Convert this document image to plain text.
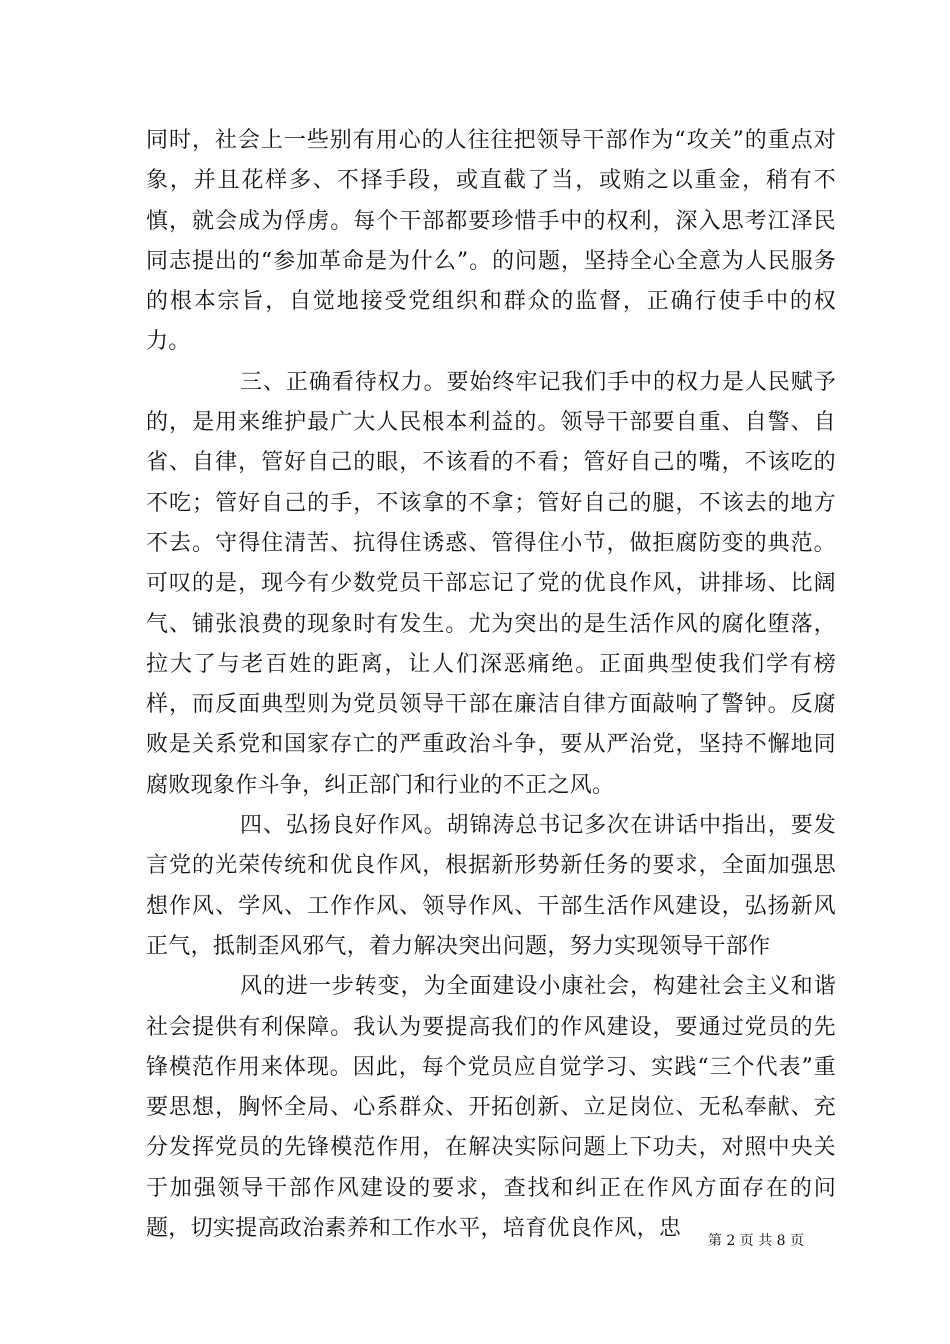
同时，社会上一些别有用心的人往往把领导干部作为“攻关”的重点对象，并且花样多、不择手段，或直截了当，或贿之以重金，稍有不慎，就会成为俘虏。每个干部都要珍惜手中的权利，深入思考江泽民同志提出的“参加革命是为什么”。的问题，坚持全心全意为人民服务的根本宗旨，自觉地接受党组织和群众的监督，正确行使手中的权力。

三、正确看待权力。要始终牢记我们手中的权力是人民赋予的，是用来维护最广大人民根本利益的。领导干部要自重、自警、自省、自律，管好自己的眼，不该看的不看；管好自己的嘴，不该吃的不吃；管好自己的手，不该拿的不拿；管好自己的腿，不该去的地方不去。守得住清苦、抗得住诱惑、管得住小节，做拒腐防变的典范。可叹的是，现今有少数党员干部忘记了党的优良作风，讲排场、比阔气、铺张浪费的现象时有发生。尤为突出的是生活作风的腐化堕落，拉大了与老百姓的距离，让人们深恶痛绝。正面典型使我们学有榜样，而反面典型则为党员领导干部在廉洁自律方面敲响了警钟。反腐败是关系党和国家存亡的严重政治斗争，要从严治党，坚持不懈地同腐败现象作斗争，纠正部门和行业的不正之风。

四、弘扬良好作风。胡锦涛总书记多次在讲话中指出，要发言党的光荣传统和优良作风，根据新形势新任务的要求，全面加强思想作风、学风、工作作风、领导作风、干部生活作风建设，弘扬新风正气，抵制歪风邪气，着力解决突出问题，努力实现领导干部作

风的进一步转变，为全面建设小康社会，构建社会主义和谐社会提供有利保障。我认为要提高我们的作风建设，要通过党员的先锋模范作用来体现。因此，每个党员应自觉学习、实践“三个代表”重要思想，胸怀全局、心系群众、开拓创新、立足岗位、无私奉献、充分发挥党员的先锋模范作用，在解决实际问题上下功夫，对照中央关于加强领导干部作风建设的要求，查找和纠正在作风方面存在的问题，切实提高政治素养和工作水平，培育优良作风，忠	第 2 页 共 8 页
